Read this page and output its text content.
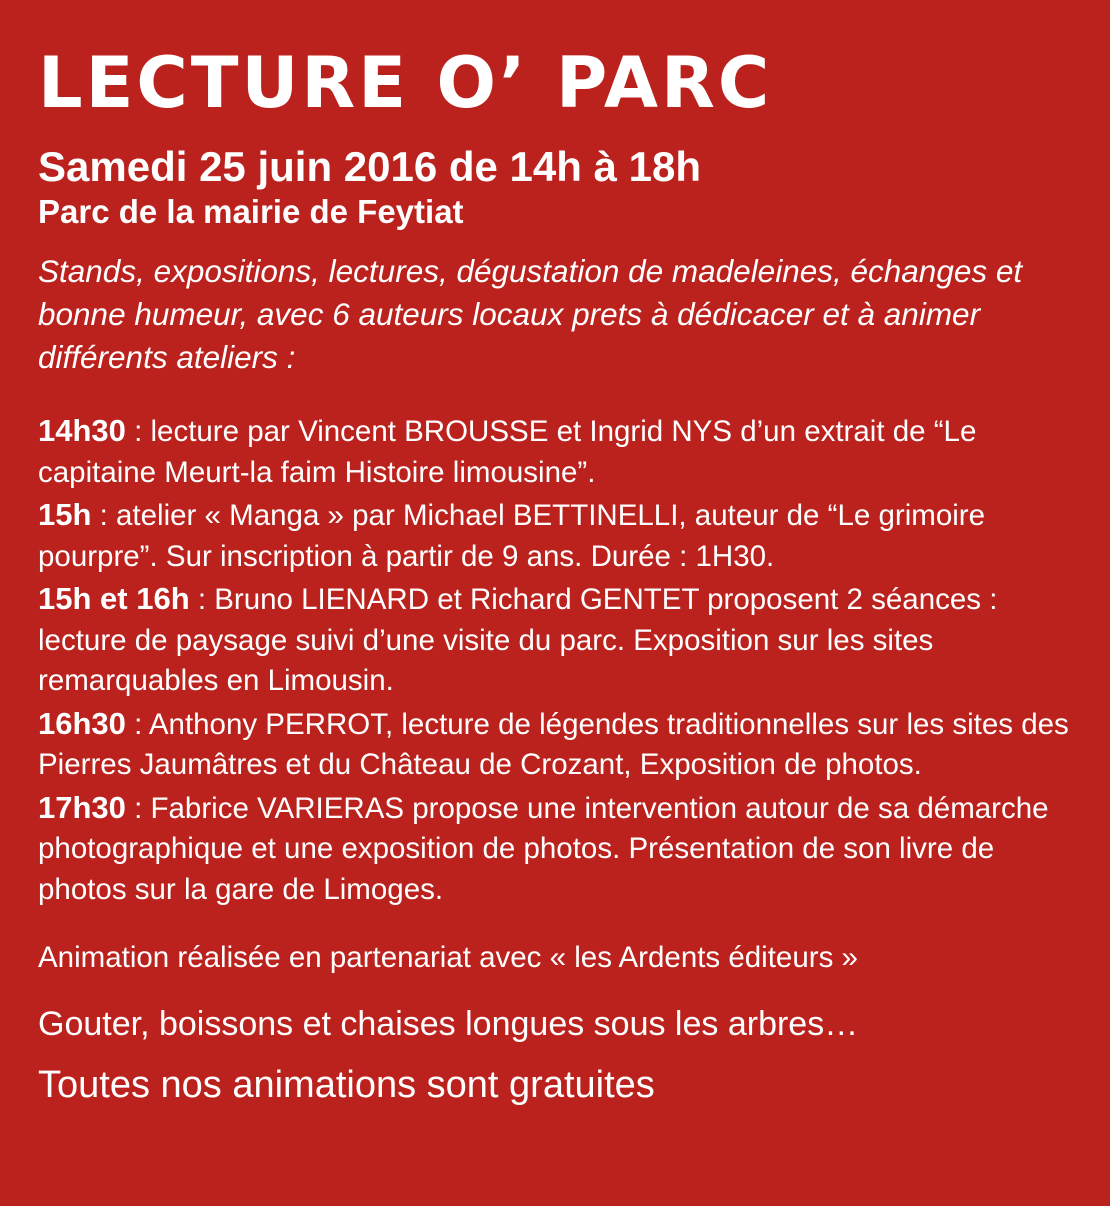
LECTURE O’ PARC

Samedi 25 juin 2016 de 14h à 18h

Parc de la mairie de Feytiat

Stands, expositions, lectures, dégustation de madeleines, échanges et bonne humeur, avec 6 auteurs locaux prets à dédicacer et à animer différents ateliers :

14h30 : lecture par Vincent BROUSSE et Ingrid NYS d’un extrait de “Le capitaine Meurt-la faim Histoire limousine”.
15h : atelier « Manga » par Michael BETTINELLI, auteur de “Le grimoire pourpre”. Sur inscription à partir de 9 ans. Durée : 1H30.
15h et 16h : Bruno LIENARD et Richard GENTET proposent 2 séances : lecture de paysage suivi d’une visite du parc. Exposition sur les sites remarquables en Limousin.
16h30 : Anthony PERROT, lecture de légendes traditionnelles sur les sites des Pierres Jaumâtres et du Château de Crozant, Exposition de photos.
17h30 : Fabrice VARIERAS propose une intervention autour de sa démarche photographique et une exposition de photos. Présentation de son livre de photos sur la gare de Limoges.

Animation réalisée en partenariat avec « les Ardents éditeurs »

Gouter, boissons et chaises longues sous les arbres…

Toutes nos animations sont gratuites
